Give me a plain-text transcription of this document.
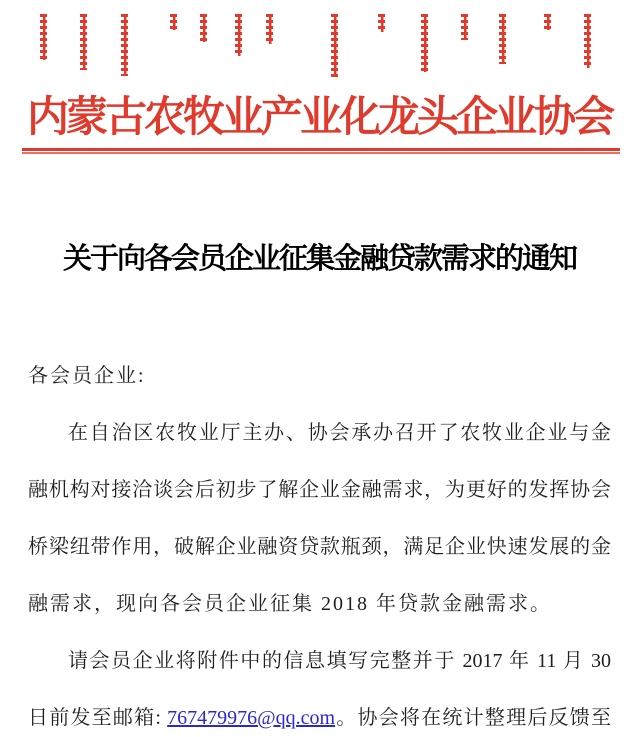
内蒙古农牧业产业化龙头企业协会
关于向各会员企业征集金融贷款需求的通知
各会员企业:
在自治区农牧业厅主办、协会承办召开了农牧业企业与金
融机构对接洽谈会后初步了解企业金融需求，为更好的发挥协会
桥梁纽带作用，破解企业融资贷款瓶颈，满足企业快速发展的金
融需求，现向各会员企业征集 2018 年贷款金融需求。
请会员企业将附件中的信息填写完整并于 2017 年 11 月 30
日前发至邮箱: 767479976@qq.com。协会将在统计整理后反馈至
